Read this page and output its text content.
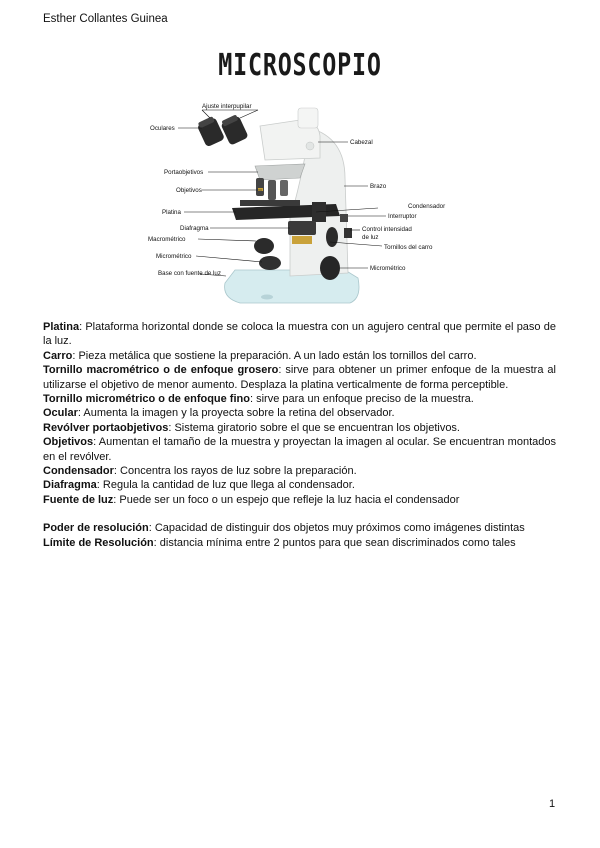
Esther Collantes Guinea
MICROSCOPIO
Ajuste interpupilar
Oculares
Cabezal
Portaobjetivos
Brazo
Objetivos
Condensador
Platina
Interruptor
Diafragma	Control intensidad
de luz
Macrométrico
Tornillos del carro
Micrométrico
Micrométrico
Base con fuente de luz

Platina: Plataforma horizontal donde se coloca la muestra con un agujero central que permite el paso de la luz.

Carro: Pieza metálica que sostiene la preparación. A un lado están los tornillos del carro.

Tornillo macrométrico o de enfoque grosero: sirve para obtener un primer enfoque de la muestra al utilizarse el objetivo de menor aumento. Desplaza la platina verticalmente de forma perceptible.

Tornillo micrométrico o de enfoque fino: sirve para un enfoque preciso de la muestra.

Ocular: Aumenta la imagen y la proyecta sobre la retina del observador.

Revólver portaobjetivos: Sistema giratorio sobre el que se encuentran los objetivos.

Objetivos: Aumentan el tamaño de la muestra y proyectan la imagen al ocular. Se encuentran montados en el revólver.

Condensador: Concentra los rayos de luz sobre la preparación.

Diafragma: Regula la cantidad de luz que llega al condensador.

Fuente de luz: Puede ser un foco o un espejo que refleje la luz hacia el condensador

Poder de resolución: Capacidad de distinguir dos objetos muy próximos como imágenes distintas

Límite de Resolución: distancia mínima entre 2 puntos para que sean discriminados como tales

1
